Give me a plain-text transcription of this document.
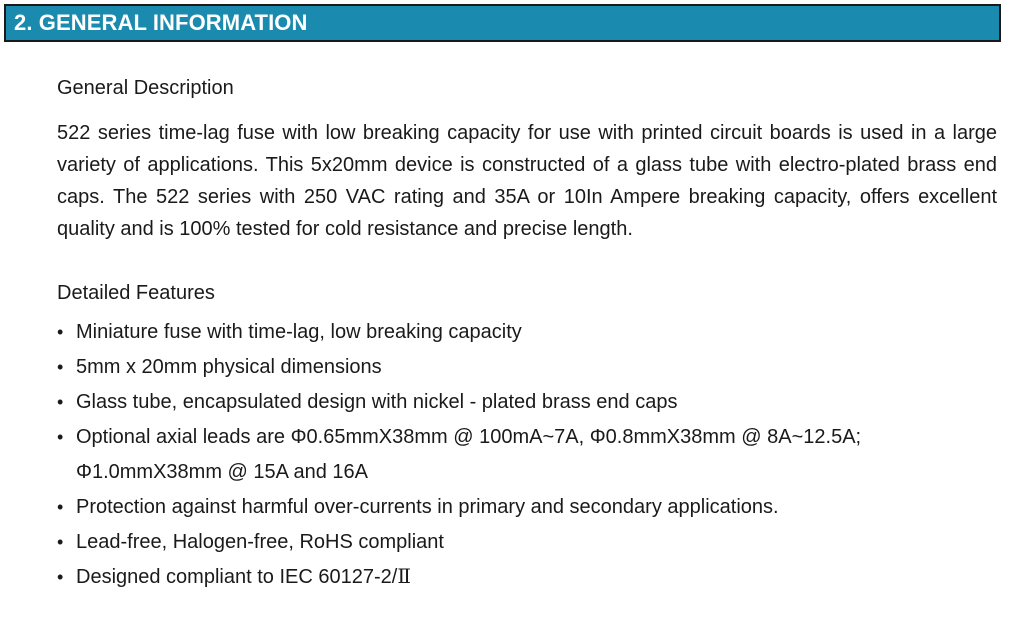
2. GENERAL INFORMATION

General Description

522 series time-lag fuse with low breaking capacity for use with printed circuit boards is used in a large variety of applications. This 5x20mm device is constructed of a glass tube with electro-plated brass end caps. The 522 series with 250 VAC rating and 35A or 10In Ampere breaking capacity, offers excellent quality and is 100% tested for cold resistance and precise length.

Detailed Features

• Miniature fuse with time-lag, low breaking capacity
• 5mm x 20mm physical dimensions
• Glass tube, encapsulated design with nickel - plated brass end caps
• Optional axial leads are Φ0.65mmX38mm @ 100mA~7A, Φ0.8mmX38mm @ 8A~12.5A; Φ1.0mmX38mm @ 15A and 16A
• Protection against harmful over-currents in primary and secondary applications.
• Lead-free, Halogen-free, RoHS compliant
• Designed compliant to IEC 60127-2/Ⅱ
